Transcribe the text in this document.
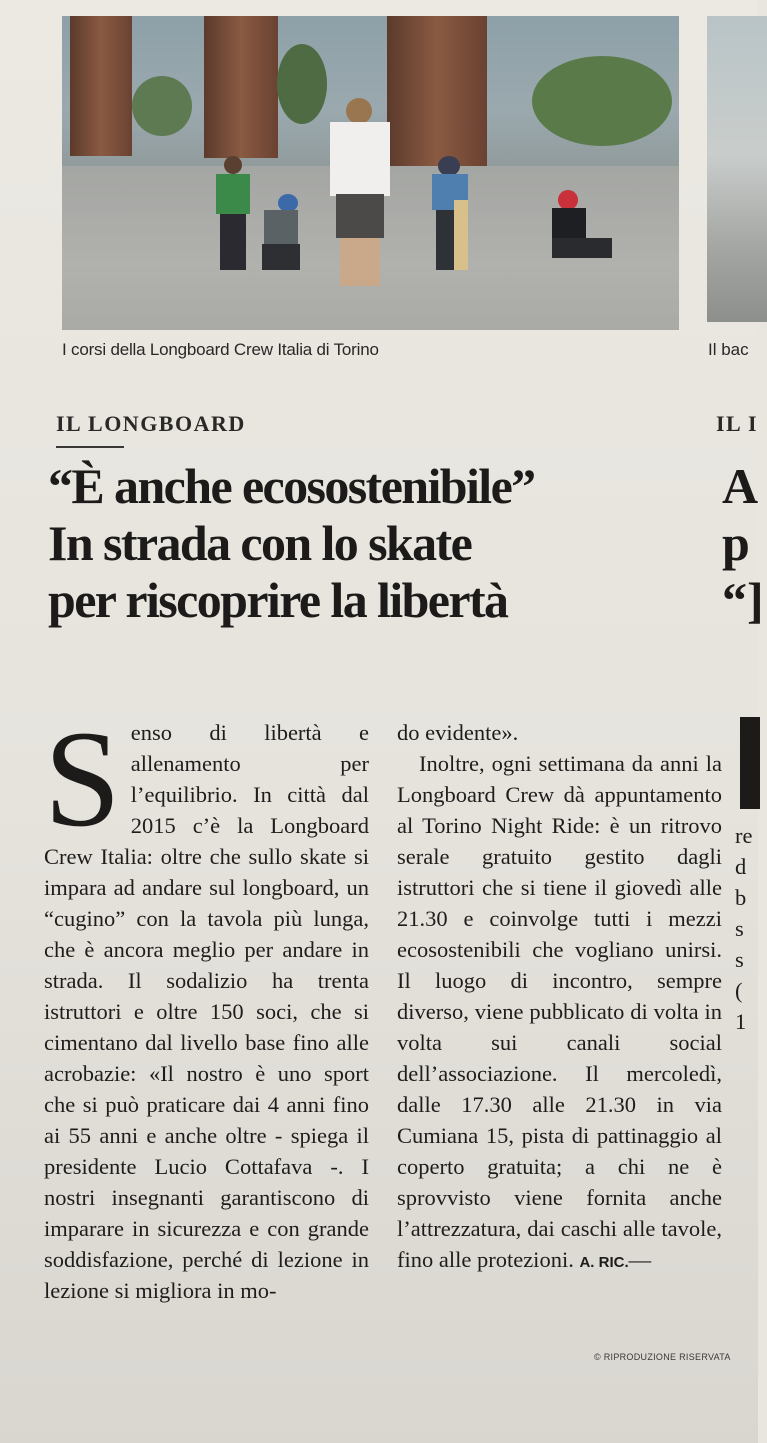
I corsi della Longboard Crew Italia di Torino	Il bac
IL LONGBOARD	IL I
“È anche ecosostenibile”
In strada con lo skate
per riscoprire la libertà
A
p
“]

S enso di libertà e allenamento per l’equilibrio. In città dal 2015 c’è la Longboard Crew Italia: oltre che sullo skate si impara ad andare sul longboard, un “cugino” con la tavola più lunga, che è ancora meglio per andare in strada. Il sodalizio ha trenta istruttori e oltre 150 soci, che si cimentano dal livello base fino alle acrobazie: «Il nostro è uno sport che si può praticare dai 4 anni fino ai 55 anni e anche oltre - spiega il presidente Lucio Cottafava -. I nostri insegnanti garantiscono di imparare in sicurezza e con grande soddisfazione, perché di lezione in lezione si migliora in mo-

do evidente».

Inoltre, ogni settimana da anni la Longboard Crew dà appuntamento al Torino Night Ride: è un ritrovo serale gratuito gestito dagli istruttori che si tiene il giovedì alle 21.30 e coinvolge tutti i mezzi ecosostenibili che vogliano unirsi. Il luogo di incontro, sempre diverso, viene pubblicato di volta in volta sui canali social dell’associazione. Il mercoledì, dalle 17.30 alle 21.30 in via Cumiana 15, pista di pattinaggio al coperto gratuita; a chi ne è sprovvisto viene fornita anche l’attrezzatura, dai caschi alle tavole, fino alle protezioni. A. RIC.—

© RIPRODUZIONE RISERVATA
re
d
b
s
s
(
1
